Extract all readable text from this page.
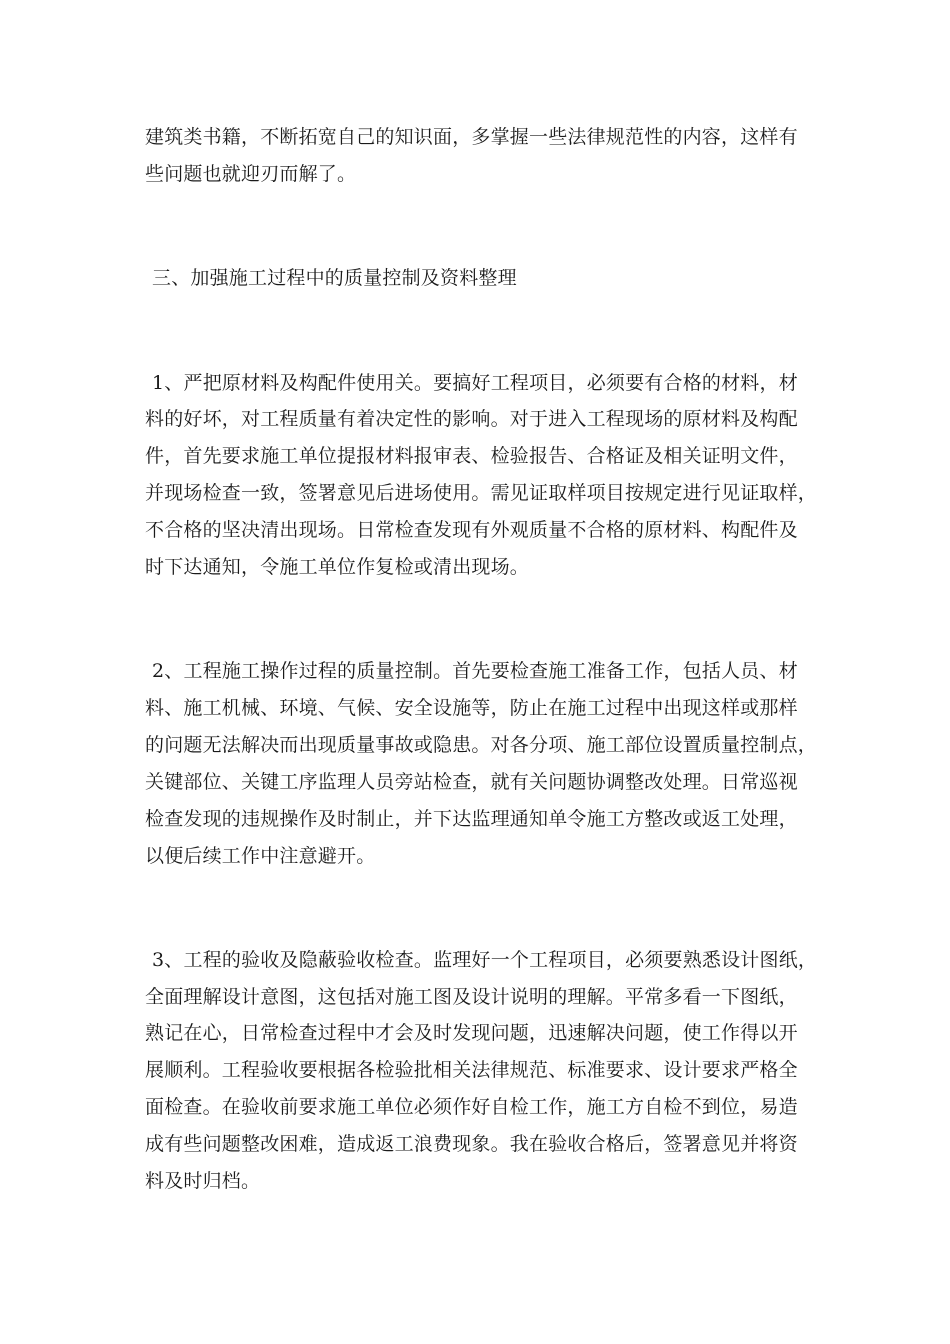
建筑类书籍，不断拓宽自己的知识面，多掌握一些法律规范性的内容，这样有
些问题也就迎刃而解了。
三、加强施工过程中的质量控制及资料整理
1、严把原材料及构配件使用关。要搞好工程项目，必须要有合格的材料，材
料的好坏，对工程质量有着决定性的影响。对于进入工程现场的原材料及构配
件，首先要求施工单位提报材料报审表、检验报告、合格证及相关证明文件，
并现场检查一致，签署意见后进场使用。需见证取样项目按规定进行见证取样，
不合格的坚决清出现场。日常检查发现有外观质量不合格的原材料、构配件及
时下达通知，令施工单位作复检或清出现场。
2、工程施工操作过程的质量控制。首先要检查施工准备工作，包括人员、材
料、施工机械、环境、气候、安全设施等，防止在施工过程中出现这样或那样
的问题无法解决而出现质量事故或隐患。对各分项、施工部位设置质量控制点，
关键部位、关键工序监理人员旁站检查，就有关问题协调整改处理。日常巡视
检查发现的违规操作及时制止，并下达监理通知单令施工方整改或返工处理，
以便后续工作中注意避开。
3、工程的验收及隐蔽验收检查。监理好一个工程项目，必须要熟悉设计图纸，
全面理解设计意图，这包括对施工图及设计说明的理解。平常多看一下图纸，
熟记在心，日常检查过程中才会及时发现问题，迅速解决问题，使工作得以开
展顺利。工程验收要根据各检验批相关法律规范、标准要求、设计要求严格全
面检查。在验收前要求施工单位必须作好自检工作，施工方自检不到位，易造
成有些问题整改困难，造成返工浪费现象。我在验收合格后，签署意见并将资
料及时归档。
